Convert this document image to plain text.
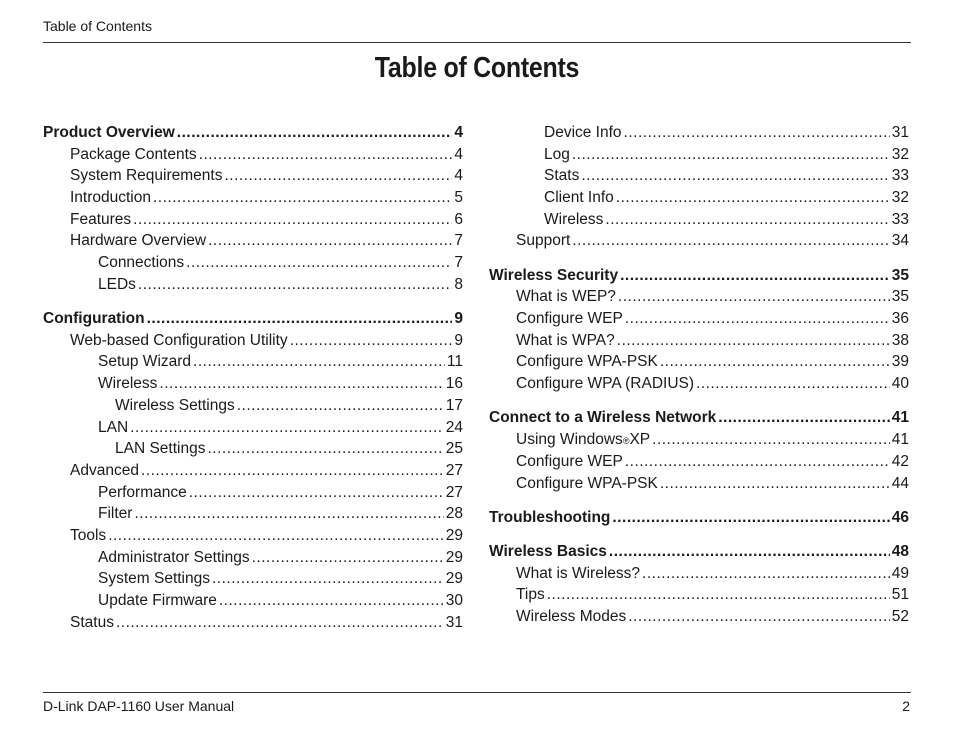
Table of Contents
Table of Contents
Product Overview .....	4
Package Contents .....	4
System Requirements .....	4
Introduction .....	5
Features .....	6
Hardware Overview .....	7
Connections .....	7
LEDs .....	8
Configuration .....	9
Web-based Configuration Utility .....	9
Setup Wizard .....	11
Wireless .....	16
Wireless Settings .....	17
LAN .....	24
LAN Settings .....	25
Advanced .....	27
Performance .....	27
Filter .....	28
Tools .....	29
Administrator Settings .....	29
System Settings .....	29
Update Firmware .....	30
Status .....	31
Device Info .....	31
Log .....	32
Stats .....	33
Client Info .....	32
Wireless .....	33
Support .....	34
Wireless Security .....	35
What is WEP? .....	35
Configure WEP .....	36
What is WPA? .....	38
Configure WPA-PSK .....	39
Configure WPA (RADIUS) .....	40
Connect to a Wireless Network .....	41
Using Windows ® XP .....	41
Configure WEP .....	42
Configure WPA-PSK .....	44
Troubleshooting .....	46
Wireless Basics .....	48
What is Wireless? .....	49
Tips .....	51
Wireless Modes .....	52
D-Link DAP-1160 User Manual	2
